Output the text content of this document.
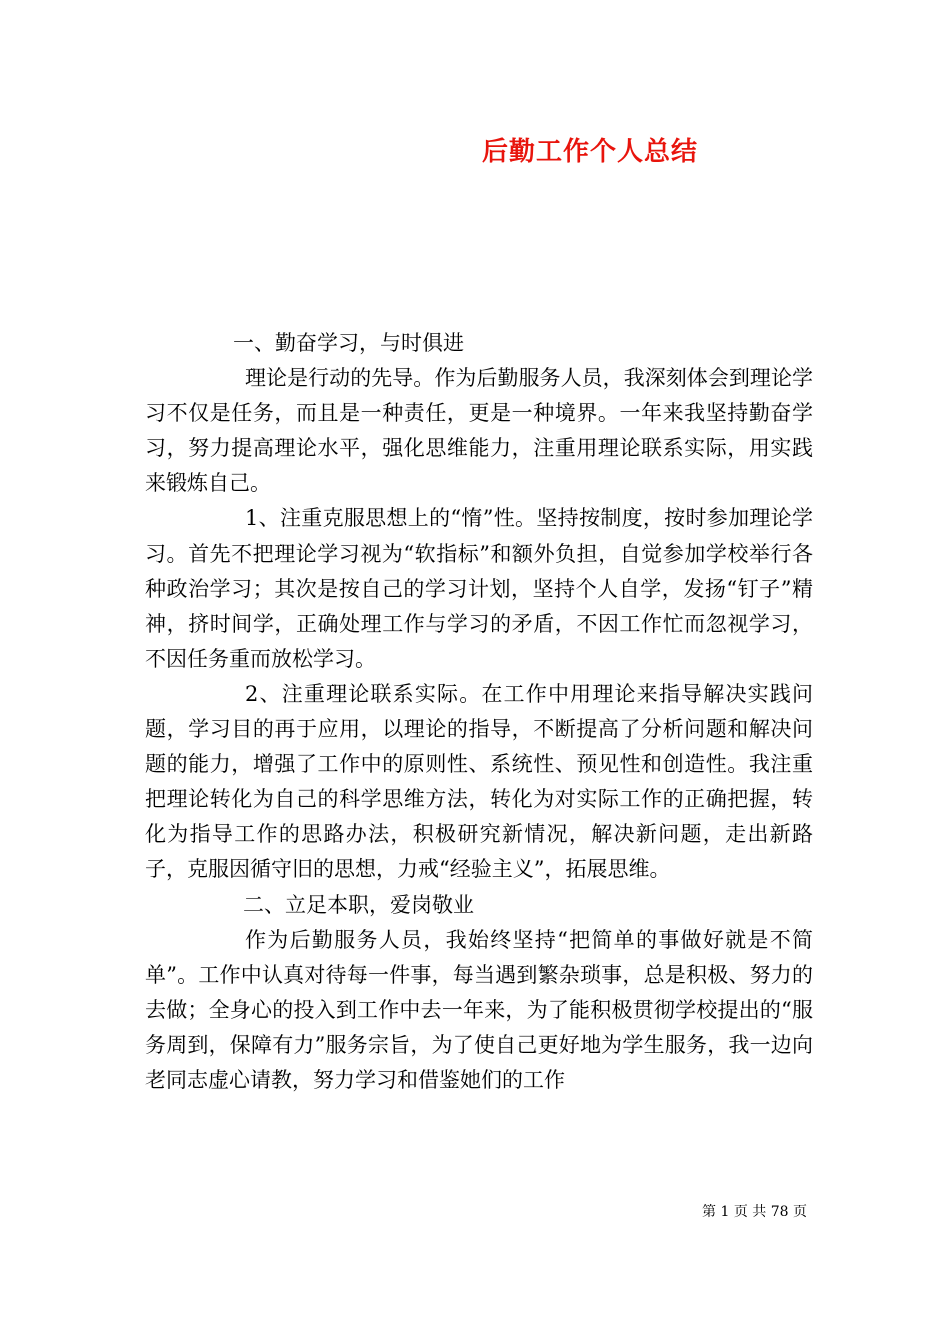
后勤工作个人总结

一、勤奋学习，与时俱进

理论是行动的先导。作为后勤服务人员，我深刻体会到理论学习不仅是任务，而且是一种责任，更是一种境界。一年来我坚持勤奋学习，努力提高理论水平，强化思维能力，注重用理论联系实际，用实践来锻炼自己。

1、注重克服思想上的“惰”性。坚持按制度，按时参加理论学习。首先不把理论学习视为“软指标”和额外负担，自觉参加学校举行各种政治学习；其次是按自己的学习计划，坚持个人自学，发扬“钉子”精神，挤时间学，正确处理工作与学习的矛盾，不因工作忙而忽视学习，不因任务重而放松学习。

2、注重理论联系实际。在工作中用理论来指导解决实践问题，学习目的再于应用，以理论的指导，不断提高了分析问题和解决问题的能力，增强了工作中的原则性、系统性、预见性和创造性。我注重把理论转化为自己的科学思维方法，转化为对实际工作的正确把握，转化为指导工作的思路办法，积极研究新情况，解决新问题，走出新路子，克服因循守旧的思想，力戒“经验主义”，拓展思维。

二、立足本职，爱岗敬业

作为后勤服务人员，我始终坚持“把简单的事做好就是不简单”。工作中认真对待每一件事，每当遇到繁杂琐事，总是积极、努力的去做；全身心的投入到工作中去一年来，为了能积极贯彻学校提出的“服务周到，保障有力”服务宗旨，为了使自己更好地为学生服务，我一边向老同志虚心请教，努力学习和借鉴她们的工作

第 1 页 共 78 页
